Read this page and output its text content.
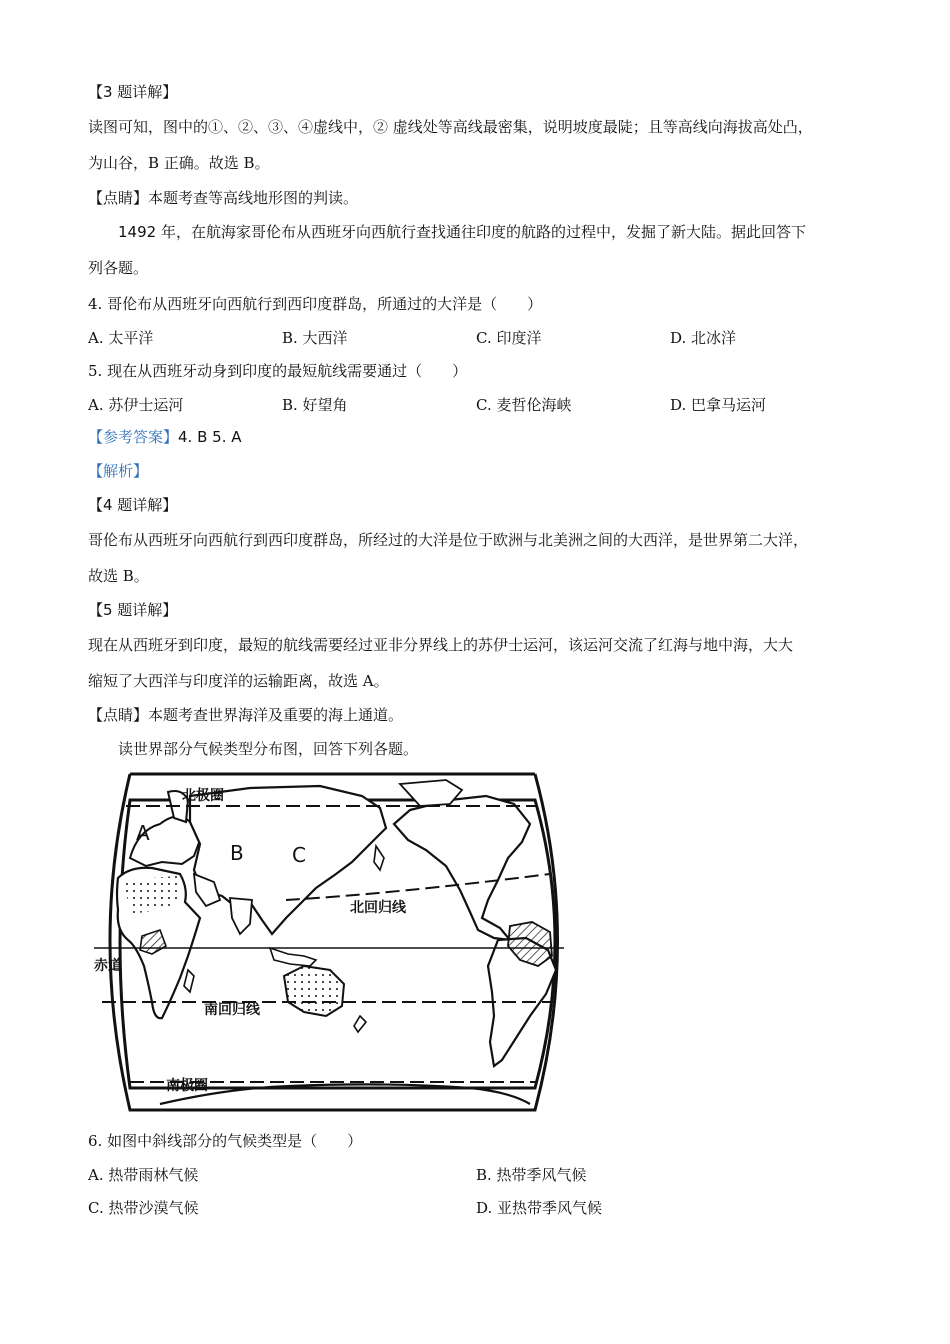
【3 题详解】
读图可知，图中的①、②、③、④虚线中，② 虚线处等高线最密集，说明坡度最陡；且等高线向海拔高处凸，
为山谷，B 正确。故选 B。
【点睛】本题考查等高线地形图的判读。
1492 年，在航海家哥伦布从西班牙向西航行查找通往印度的航路的过程中，发掘了新大陆。据此回答下
列各题。
4. 哥伦布从西班牙向西航行到西印度群岛，所通过的大洋是（　　）
A. 太平洋	B. 大西洋	C. 印度洋	D. 北冰洋
5. 现在从西班牙动身到印度的最短航线需要通过（　　）
A. 苏伊士运河	B. 好望角	C. 麦哲伦海峡	D. 巴拿马运河
【参考答案】4. B 5. A
【解析】
【4 题详解】
哥伦布从西班牙向西航行到西印度群岛，所经过的大洋是位于欧洲与北美洲之间的大西洋，是世界第二大洋，
故选 B。
【5 题详解】
现在从西班牙到印度，最短的航线需要经过亚非分界线上的苏伊士运河，该运河交流了红海与地中海，大大
缩短了大西洋与印度洋的运输距离，故选 A。
【点睛】本题考查世界海洋及重要的海上通道。
读世界部分气候类型分布图，回答下列各题。
北极圈
A
B C
北回归线
赤道
南回归线
南极圈
6. 如图中斜线部分的气候类型是（　　）
A. 热带雨林气候	B. 热带季风气候
C. 热带沙漠气候	D. 亚热带季风气候
